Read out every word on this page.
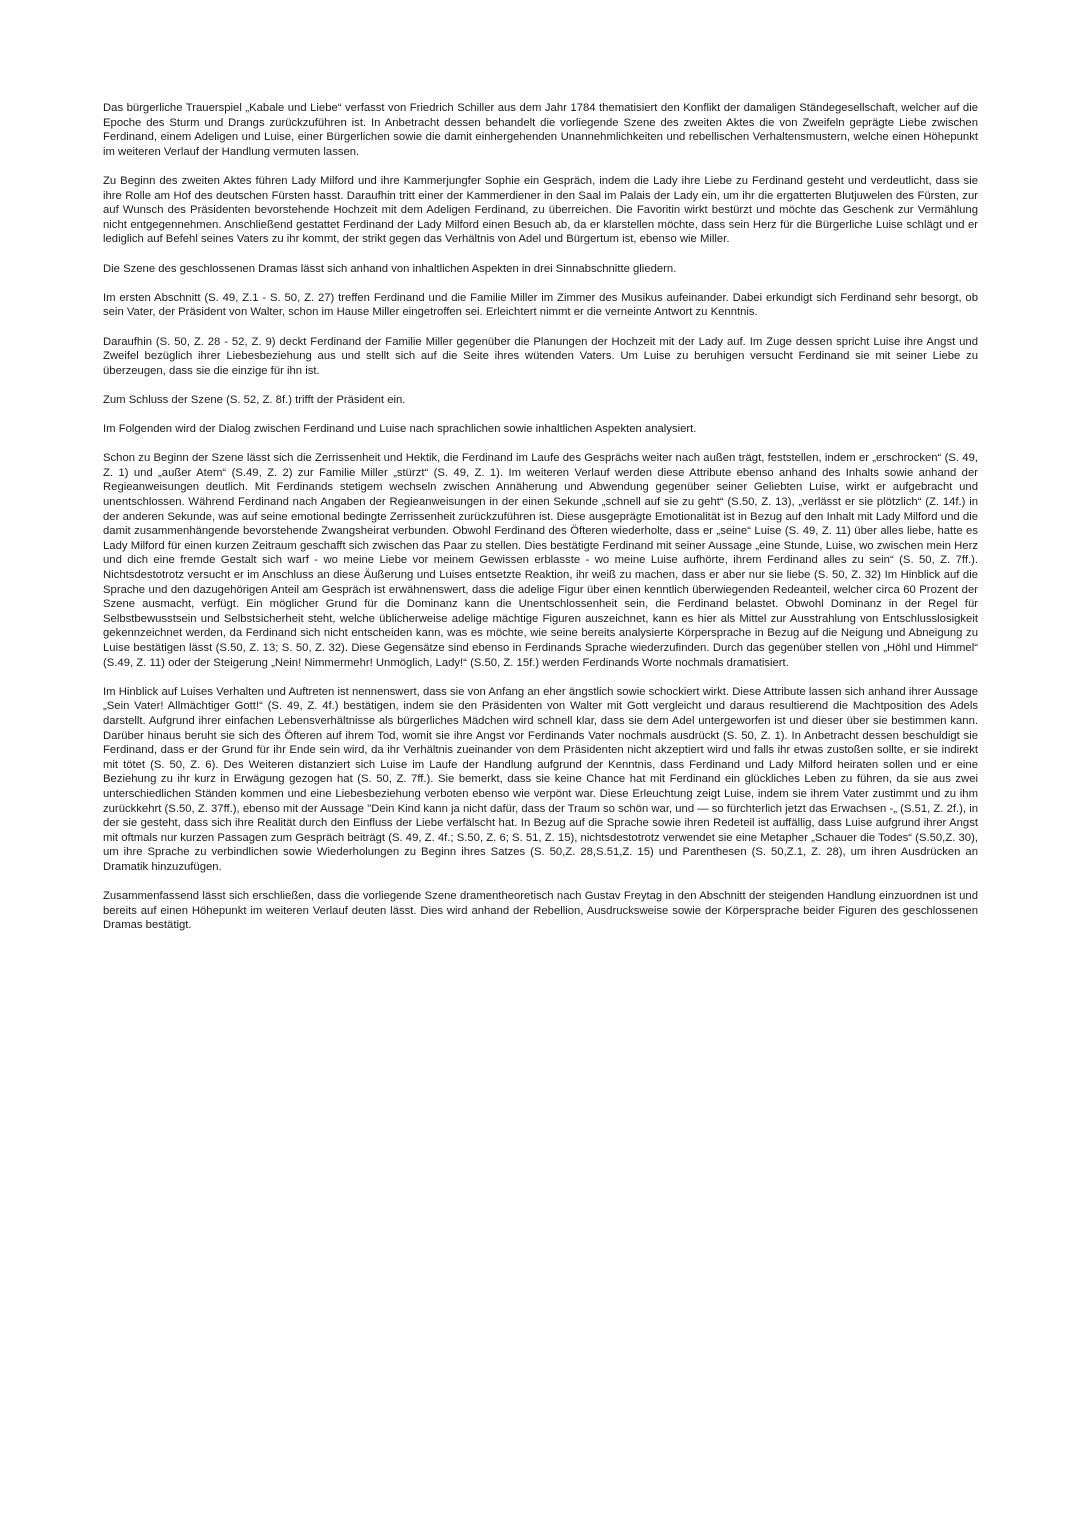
Das bürgerliche Trauerspiel „Kabale und Liebe“ verfasst von Friedrich Schiller aus dem Jahr 1784 thematisiert den Konflikt der damaligen Ständegesellschaft, welcher auf die Epoche des Sturm und Drangs zurückzuführen ist. In Anbetracht dessen behandelt die vorliegende Szene des zweiten Aktes die von Zweifeln geprägte Liebe zwischen Ferdinand, einem Adeligen und Luise, einer Bürgerlichen sowie die damit einhergehenden Unannehmlichkeiten und rebellischen Verhaltensmustern, welche einen Höhepunkt im weiteren Verlauf der Handlung vermuten lassen.

Zu Beginn des zweiten Aktes führen Lady Milford und ihre Kammerjungfer Sophie ein Gespräch, indem die Lady ihre Liebe zu Ferdinand gesteht und verdeutlicht, dass sie ihre Rolle am Hof des deutschen Fürsten hasst. Daraufhin tritt einer der Kammerdiener in den Saal im Palais der Lady ein, um ihr die ergatterten Blutjuwelen des Fürsten, zur auf Wunsch des Präsidenten bevorstehende Hochzeit mit dem Adeligen Ferdinand, zu überreichen. Die Favoritin wirkt bestürzt und möchte das Geschenk zur Vermählung nicht entgegennehmen. Anschließend gestattet Ferdinand der Lady Milford einen Besuch ab, da er klarstellen möchte, dass sein Herz für die Bürgerliche Luise schlägt und er lediglich auf Befehl seines Vaters zu ihr kommt, der strikt gegen das Verhältnis von Adel und Bürgertum ist, ebenso wie Miller.

Die Szene des geschlossenen Dramas lässt sich anhand von inhaltlichen Aspekten in drei Sinnabschnitte gliedern.

Im ersten Abschnitt (S. 49, Z.1 - S. 50, Z. 27) treffen Ferdinand und die Familie Miller im Zimmer des Musikus aufeinander. Dabei erkundigt sich Ferdinand sehr besorgt, ob sein Vater, der Präsident von Walter, schon im Hause Miller eingetroffen sei. Erleichtert nimmt er die verneinte Antwort zu Kenntnis.

Daraufhin (S. 50, Z. 28 - 52, Z. 9) deckt Ferdinand der Familie Miller gegenüber die Planungen der Hochzeit mit der Lady auf. Im Zuge dessen spricht Luise ihre Angst und Zweifel bezüglich ihrer Liebesbeziehung aus und stellt sich auf die Seite ihres wütenden Vaters. Um Luise zu beruhigen versucht Ferdinand sie mit seiner Liebe zu überzeugen, dass sie die einzige für ihn ist.

Zum Schluss der Szene (S. 52, Z. 8f.) trifft der Präsident ein.

Im Folgenden wird der Dialog zwischen Ferdinand und Luise nach sprachlichen sowie inhaltlichen Aspekten analysiert.

Schon zu Beginn der Szene lässt sich die Zerrissenheit und Hektik, die Ferdinand im Laufe des Gesprächs weiter nach außen trägt, feststellen, indem er „erschrocken“ (S. 49, Z. 1) und „außer Atem“ (S.49, Z. 2) zur Familie Miller „stürzt“ (S. 49, Z. 1). Im weiteren Verlauf werden diese Attribute ebenso anhand des Inhalts sowie anhand der Regieanweisungen deutlich. Mit Ferdinands stetigem wechseln zwischen Annäherung und Abwendung gegenüber seiner Geliebten Luise, wirkt er aufgebracht und unentschlossen. Während Ferdinand nach Angaben der Regieanweisungen in der einen Sekunde „schnell auf sie zu geht“ (S.50, Z. 13), „verlässt er sie plötzlich“ (Z. 14f.) in der anderen Sekunde, was auf seine emotional bedingte Zerrissenheit zurückzuführen ist. Diese ausgeprägte Emotionalität ist in Bezug auf den Inhalt mit Lady Milford und die damit zusammenhängende bevorstehende Zwangsheirat verbunden. Obwohl Ferdinand des Öfteren wiederholte, dass er „seine“ Luise (S. 49, Z. 11) über alles liebe, hatte es Lady Milford für einen kurzen Zeitraum geschafft sich zwischen das Paar zu stellen. Dies bestätigte Ferdinand mit seiner Aussage „eine Stunde, Luise, wo zwischen mein Herz und dich eine fremde Gestalt sich warf - wo meine Liebe vor meinem Gewissen erblasste - wo meine Luise aufhörte, ihrem Ferdinand alles zu sein“ (S. 50, Z. 7ff.). Nichtsdestotrotz versucht er im Anschluss an diese Äußerung und Luises entsetzte Reaktion, ihr weiß zu machen, dass er aber nur sie liebe (S. 50, Z. 32) Im Hinblick auf die Sprache und den dazugehörigen Anteil am Gespräch ist erwähnenswert, dass die adelige Figur über einen kenntlich überwiegenden Redeanteil, welcher circa 60 Prozent der Szene ausmacht, verfügt. Ein möglicher Grund für die Dominanz kann die Unentschlossenheit sein, die Ferdinand belastet. Obwohl Dominanz in der Regel für Selbstbewusstsein und Selbstsicherheit steht, welche üblicherweise adelige mächtige Figuren auszeichnet, kann es hier als Mittel zur Ausstrahlung von Entschlusslosigkeit gekennzeichnet werden, da Ferdinand sich nicht entscheiden kann, was es möchte, wie seine bereits analysierte Körpersprache in Bezug auf die Neigung und Abneigung zu Luise bestätigen lässt (S.50, Z. 13; S. 50, Z. 32). Diese Gegensätze sind ebenso in Ferdinands Sprache wiederzufinden. Durch das gegenüber stellen von „Höhl und Himmel“ (S.49, Z. 11) oder der Steigerung „Nein! Nimmermehr! Unmöglich, Lady!“ (S.50, Z. 15f.) werden Ferdinands Worte nochmals dramatisiert.

Im Hinblick auf Luises Verhalten und Auftreten ist nennenswert, dass sie von Anfang an eher ängstlich sowie schockiert wirkt. Diese Attribute lassen sich anhand ihrer Aussage „Sein Vater! Allmächtiger Gott!“ (S. 49, Z. 4f.) bestätigen, indem sie den Präsidenten von Walter mit Gott vergleicht und daraus resultierend die Machtposition des Adels darstellt. Aufgrund ihrer einfachen Lebensverhältnisse als bürgerliches Mädchen wird schnell klar, dass sie dem Adel untergeworfen ist und dieser über sie bestimmen kann. Darüber hinaus beruht sie sich des Öfteren auf ihrem Tod, womit sie ihre Angst vor Ferdinands Vater nochmals ausdrückt (S. 50, Z. 1). In Anbetracht dessen beschuldigt sie Ferdinand, dass er der Grund für ihr Ende sein wird, da ihr Verhältnis zueinander von dem Präsidenten nicht akzeptiert wird und falls ihr etwas zustoßen sollte, er sie indirekt mit tötet (S. 50, Z. 6). Des Weiteren distanziert sich Luise im Laufe der Handlung aufgrund der Kenntnis, dass Ferdinand und Lady Milford heiraten sollen und er eine Beziehung zu ihr kurz in Erwägung gezogen hat (S. 50, Z. 7ff.). Sie bemerkt, dass sie keine Chance hat mit Ferdinand ein glückliches Leben zu führen, da sie aus zwei unterschiedlichen Ständen kommen und eine Liebesbeziehung verboten ebenso wie verpönt war. Diese Erleuchtung zeigt Luise, indem sie ihrem Vater zustimmt und zu ihm zurückkehrt (S.50, Z. 37ff.), ebenso mit der Aussage "Dein Kind kann ja nicht dafür, dass der Traum so schön war, und — so fürchterlich jetzt das Erwachsen -„ (S.51, Z. 2f.), in der sie gesteht, dass sich ihre Realität durch den Einfluss der Liebe verfälscht hat. In Bezug auf die Sprache sowie ihren Redeteil ist auffällig, dass Luise aufgrund ihrer Angst mit oftmals nur kurzen Passagen zum Gespräch beiträgt (S. 49, Z. 4f.; S.50, Z. 6; S. 51, Z. 15), nichtsdestotrotz verwendet sie eine Metapher „Schauer die Todes“ (S.50,Z. 30), um ihre Sprache zu verbindlichen sowie Wiederholungen zu Beginn ihres Satzes (S. 50,Z. 28,S.51,Z. 15) und Parenthesen (S. 50,Z.1, Z. 28), um ihren Ausdrücken an Dramatik hinzuzufügen.

Zusammenfassend lässt sich erschließen, dass die vorliegende Szene dramentheoretisch nach Gustav Freytag in den Abschnitt der steigenden Handlung einzuordnen ist und bereits auf einen Höhepunkt im weiteren Verlauf deuten lässt. Dies wird anhand der Rebellion, Ausdrucksweise sowie der Körpersprache beider Figuren des geschlossenen Dramas bestätigt.
